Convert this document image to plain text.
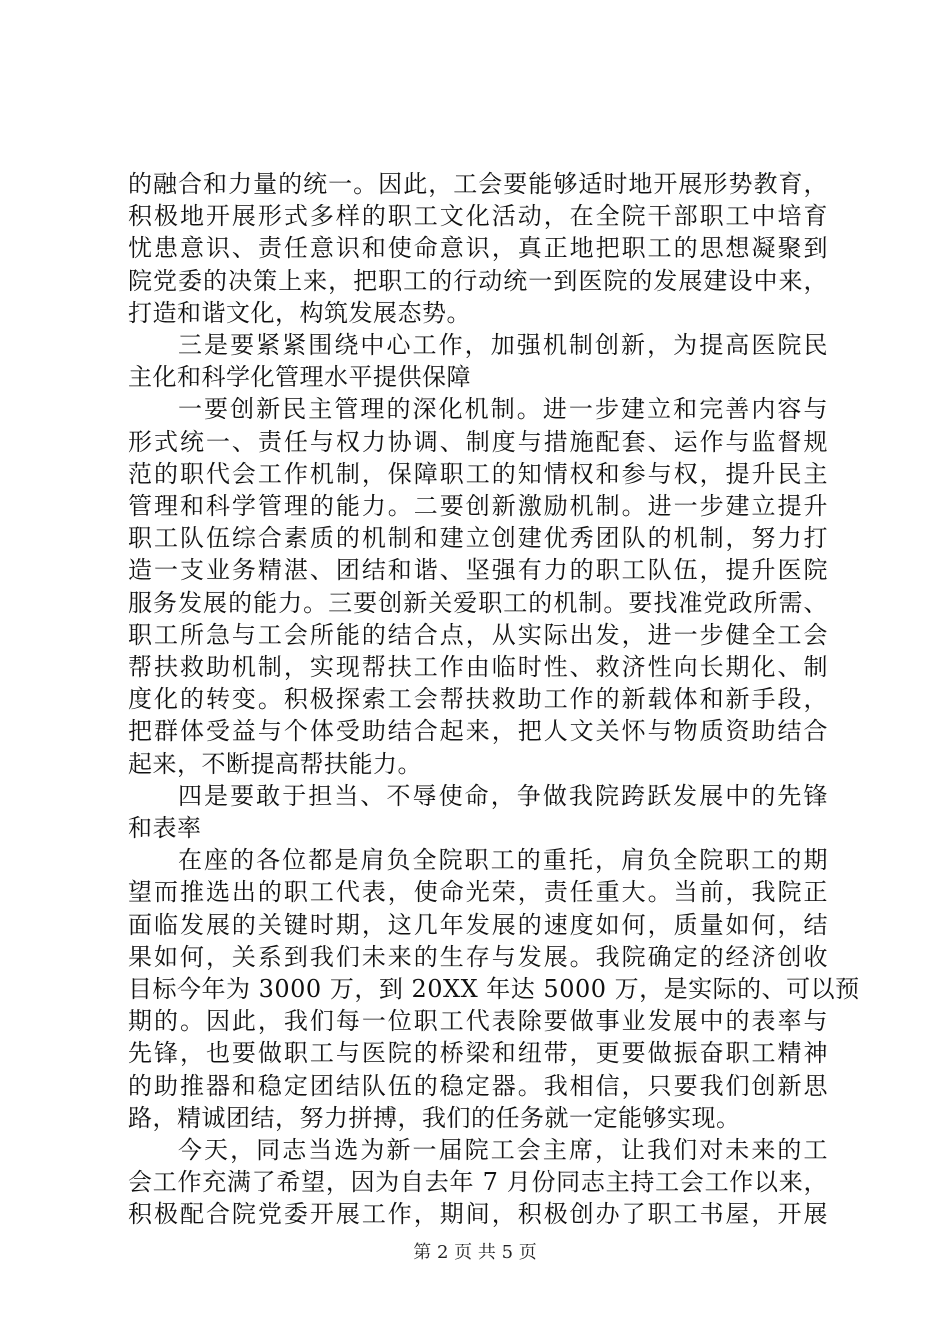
的融合和力量的统一。因此，工会要能够适时地开展形势教育，
积极地开展形式多样的职工文化活动，在全院干部职工中培育
忧患意识、责任意识和使命意识，真正地把职工的思想凝聚到
院党委的决策上来，把职工的行动统一到医院的发展建设中来，
打造和谐文化，构筑发展态势。
三是要紧紧围绕中心工作，加强机制创新，为提高医院民
主化和科学化管理水平提供保障
一要创新民主管理的深化机制。进一步建立和完善内容与
形式统一、责任与权力协调、制度与措施配套、运作与监督规
范的职代会工作机制，保障职工的知情权和参与权，提升民主
管理和科学管理的能力。二要创新激励机制。进一步建立提升
职工队伍综合素质的机制和建立创建优秀团队的机制，努力打
造一支业务精湛、团结和谐、坚强有力的职工队伍，提升医院
服务发展的能力。三要创新关爱职工的机制。要找准党政所需、
职工所急与工会所能的结合点，从实际出发，进一步健全工会
帮扶救助机制，实现帮扶工作由临时性、救济性向长期化、制
度化的转变。积极探索工会帮扶救助工作的新载体和新手段，
把群体受益与个体受助结合起来，把人文关怀与物质资助结合
起来，不断提高帮扶能力。
四是要敢于担当、不辱使命，争做我院跨跃发展中的先锋
和表率
在座的各位都是肩负全院职工的重托，肩负全院职工的期
望而推选出的职工代表，使命光荣，责任重大。当前，我院正
面临发展的关键时期，这几年发展的速度如何，质量如何，结
果如何，关系到我们未来的生存与发展。我院确定的经济创收
目标今年为 3000 万，到 20XX 年达 5000 万，是实际的、可以预
期的。因此，我们每一位职工代表除要做事业发展中的表率与
先锋，也要做职工与医院的桥梁和纽带，更要做振奋职工精神
的助推器和稳定团结队伍的稳定器。我相信，只要我们创新思
路，精诚团结，努力拼搏，我们的任务就一定能够实现。
今天，同志当选为新一届院工会主席，让我们对未来的工
会工作充满了希望，因为自去年 7 月份同志主持工会工作以来，
积极配合院党委开展工作，期间，积极创办了职工书屋，开展
第 2 页 共 5 页
